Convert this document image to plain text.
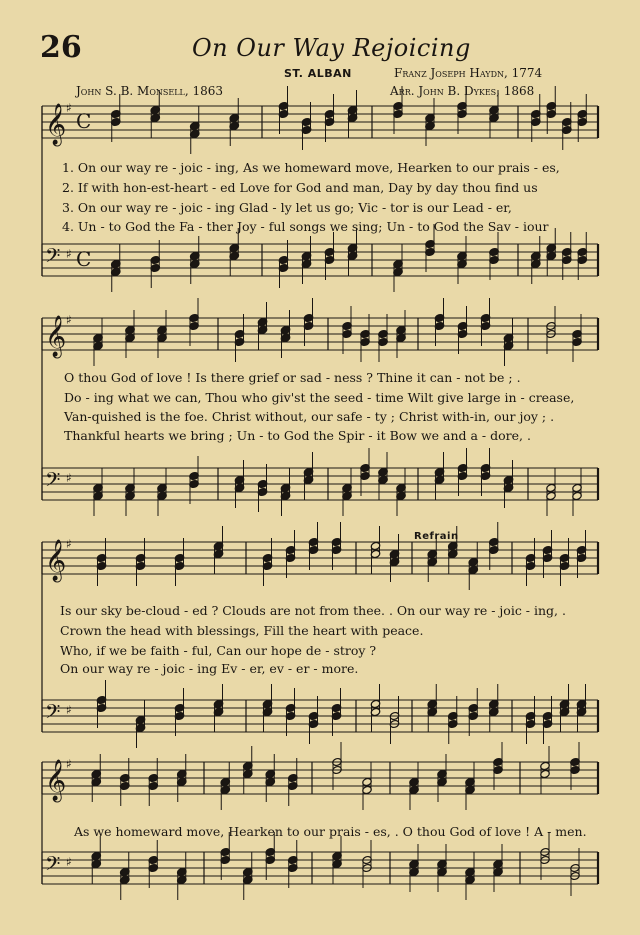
26	On Our Way Rejoicing
ST. ALBAN	Franz Joseph Haydn, 1774
John S. B. Monsell, 1863	Arr. John B. Dykes, 1868
𝄞 ♯
C
𝄢 ♯ C
𝄞 ♯
𝄢 ♯
𝄞 ♯
𝄢 ♯
𝄞 ♯
𝄢 ♯
1. On our way re - joic - ing, As we homeward move, Hearken to our prais - es,
2. If with hon-est-heart - ed Love for God and man, Day by day thou find us
3. On our way re - joic - ing Glad - ly let us go; Vic - tor is our Lead - er,
4. Un - to God the Fa - ther Joy - ful songs we sing; Un - to God the Sav - iour
O thou God of love ! Is there grief or sad - ness ? Thine it can - not be ; .
Do - ing what we can, Thou who giv'st the seed - time Wilt give large in - crease,
Van-quished is the foe. Christ without, our safe - ty ; Christ with-in, our joy ; .
Thankful hearts we bring ; Un - to God the Spir - it Bow we and a - dore, .
Refrain
Is our sky be-cloud - ed ? Clouds are not from thee. . On our way re - joic - ing, .
Crown the head with blessings, Fill the heart with peace.
Who, if we be faith - ful, Can our hope de - stroy ?
On our way re - joic - ing Ev - er, ev - er - more.
As we homeward move, Hearken to our prais - es, . O thou God of love ! A - men.
